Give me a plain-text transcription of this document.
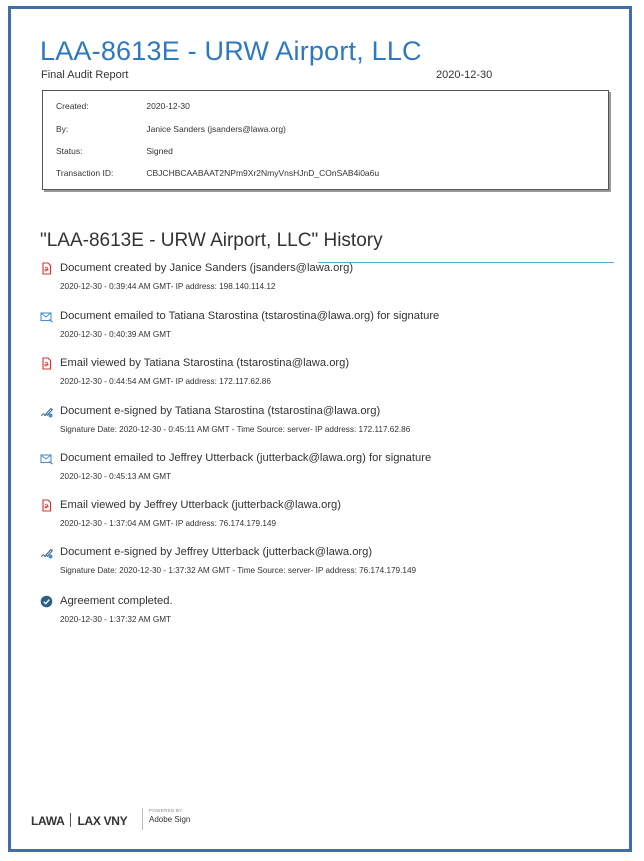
LAA-8613E - URW Airport, LLC
Final Audit Report	2020-12-30
Created:	2020-12-30
By:	Janice Sanders (jsanders@lawa.org)
Status:	Signed
Transaction ID:	CBJCHBCAABAAT2NPm9Xr2NmyVnsHJnD_COnSAB4i0a6u
"LAA-8613E - URW Airport, LLC" History
Document created by Janice Sanders (jsanders@lawa.org)
2020-12-30 - 0:39:44 AM GMT- IP address: 198.140.114.12
Document emailed to Tatiana Starostina (tstarostina@lawa.org) for signature
2020-12-30 - 0:40:39 AM GMT
Email viewed by Tatiana Starostina (tstarostina@lawa.org)
2020-12-30 - 0:44:54 AM GMT- IP address: 172.117.62.86
Document e-signed by Tatiana Starostina (tstarostina@lawa.org)
Signature Date: 2020-12-30 - 0:45:11 AM GMT - Time Source: server- IP address: 172.117.62.86
Document emailed to Jeffrey Utterback (jutterback@lawa.org) for signature
2020-12-30 - 0:45:13 AM GMT
Email viewed by Jeffrey Utterback (jutterback@lawa.org)
2020-12-30 - 1:37:04 AM GMT- IP address: 76.174.179.149
Document e-signed by Jeffrey Utterback (jutterback@lawa.org)
Signature Date: 2020-12-30 - 1:37:32 AM GMT - Time Source: server- IP address: 76.174.179.149
Agreement completed.
2020-12-30 - 1:37:32 AM GMT
LAWA LAX VNY
POWERED BY
Adobe Sign
